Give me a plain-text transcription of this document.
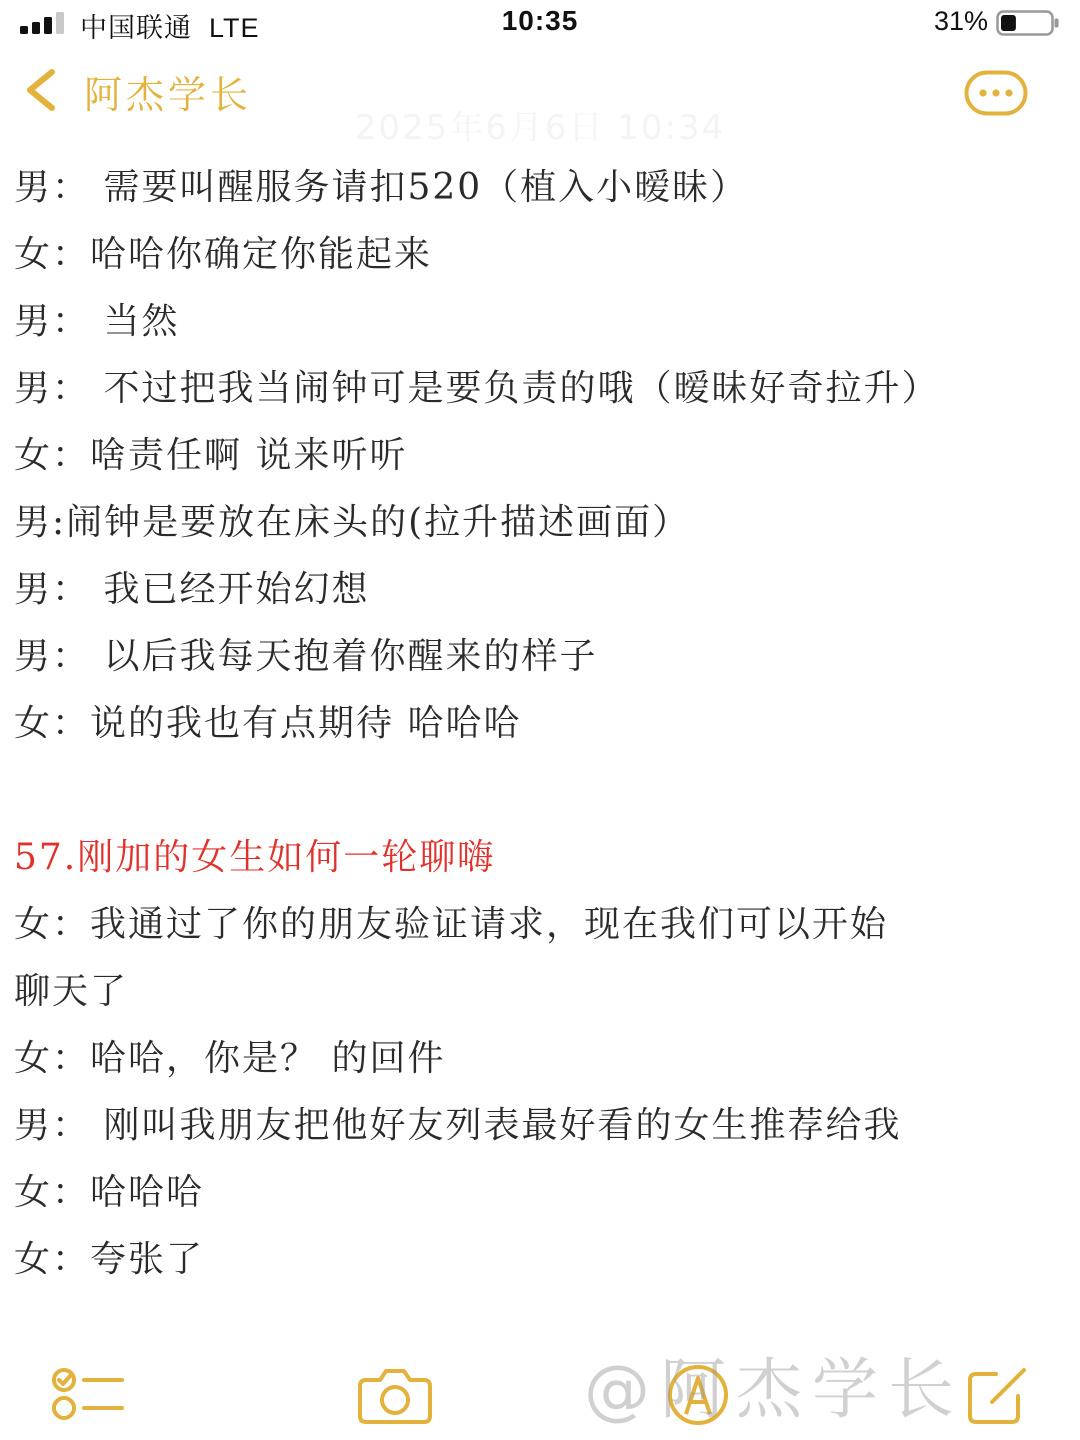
中国联通 LTE	10:35	31%
2025年6月6日 10:34
阿杰学长
男： 需要叫醒服务请扣520（植入小暧昧）
女：哈哈你确定你能起来
男： 当然
男： 不过把我当闹钟可是要负责的哦（暧昧好奇拉升）
女：啥责任啊 说来听听
男:闹钟是要放在床头的(拉升描述画面）
男： 我已经开始幻想
男： 以后我每天抱着你醒来的样子
女：说的我也有点期待 哈哈哈
57.刚加的女生如何一轮聊嗨
女：我通过了你的朋友验证请求，现在我们可以开始
聊天了
女：哈哈，你是？ 的回件
男： 刚叫我朋友把他好友列表最好看的女生推荐给我
女：哈哈哈
女：夸张了
@阿杰学长
